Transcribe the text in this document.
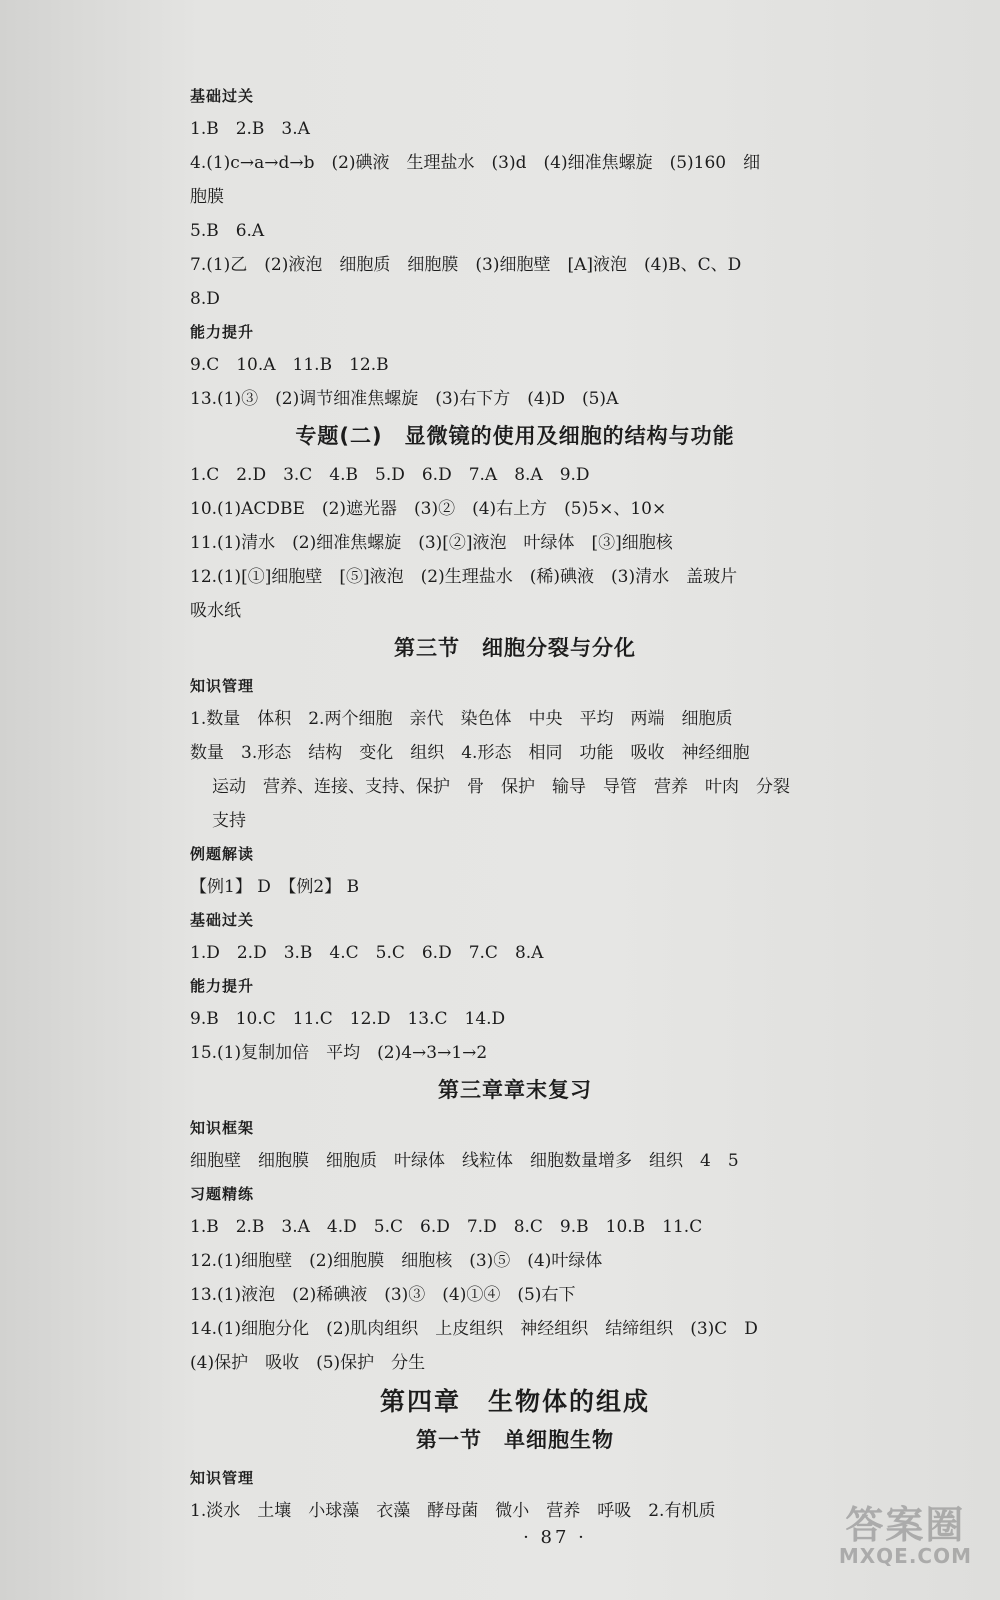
基础过关
1.B　2.B　3.A
4.(1)c→a→d→b　(2)碘液　生理盐水　(3)d　(4)细准焦螺旋　(5)160　细
胞膜
5.B　6.A
7.(1)乙　(2)液泡　细胞质　细胞膜　(3)细胞壁　[A]液泡　(4)B、C、D
8.D
能力提升
9.C　10.A　11.B　12.B
13.(1)③　(2)调节细准焦螺旋　(3)右下方　(4)D　(5)A
专题(二)　显微镜的使用及细胞的结构与功能
1.C　2.D　3.C　4.B　5.D　6.D　7.A　8.A　9.D
10.(1)ACDBE　(2)遮光器　(3)②　(4)右上方　(5)5×、10×
11.(1)清水　(2)细准焦螺旋　(3)[②]液泡　叶绿体　[③]细胞核
12.(1)[①]细胞壁　[⑤]液泡　(2)生理盐水　(稀)碘液　(3)清水　盖玻片
吸水纸
第三节　细胞分裂与分化
知识管理
1.数量　体积　2.两个细胞　亲代　染色体　中央　平均　两端　细胞质
数量　3.形态　结构　变化　组织　4.形态　相同　功能　吸收　神经细胞
运动　营养、连接、支持、保护　骨　保护　输导　导管　营养　叶肉　分裂
支持
例题解读
【例1】 D　【例2】 B
基础过关
1.D　2.D　3.B　4.C　5.C　6.D　7.C　8.A
能力提升
9.B　10.C　11.C　12.D　13.C　14.D
15.(1)复制加倍　平均　(2)4→3→1→2
第三章章末复习
知识框架
细胞壁　细胞膜　细胞质　叶绿体　线粒体　细胞数量增多　组织　4　5
习题精练
1.B　2.B　3.A　4.D　5.C　6.D　7.D　8.C　9.B　10.B　11.C
12.(1)细胞壁　(2)细胞膜　细胞核　(3)⑤　(4)叶绿体
13.(1)液泡　(2)稀碘液　(3)③　(4)①④　(5)右下
14.(1)细胞分化　(2)肌肉组织　上皮组织　神经组织　结缔组织　(3)C　D
(4)保护　吸收　(5)保护　分生
第四章　生物体的组成
第一节　单细胞生物
知识管理
1.淡水　土壤　小球藻　衣藻　酵母菌　微小　营养　呼吸　2.有机质
· 87 ·	答案圈
MXQE.COM
